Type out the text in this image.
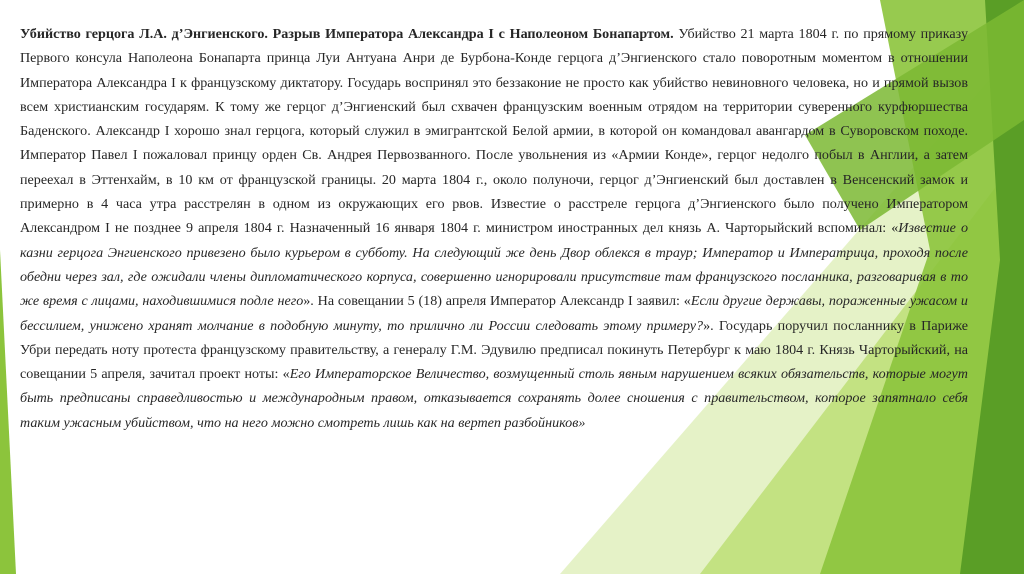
Убийство герцога Л.А. д’Энгиенского. Разрыв Императора Александра I с Наполеоном Бонапартом. Убийство 21 марта 1804 г. по прямому приказу Первого консула Наполеона Бонапарта принца Луи Антуана Анри де Бурбона-Конде герцога д’Энгиенского стало поворотным моментом в отношении Императора Александра I к французскому диктатору. Государь воспринял это беззаконие не просто как убийство невиновного человека, но и прямой вызов всем христианским государям. К тому же герцог д’Энгиенский был схвачен французским военным отрядом на территории суверенного курфюршества Баденского. Александр I хорошо знал герцога, который служил в эмигрантской Белой армии, в которой он командовал авангардом в Суворовском походе. Император Павел I пожаловал принцу орден Св. Андрея Первозванного. После увольнения из «Армии Конде», герцог недолго побыл в Англии, а затем переехал в Эттенхайм, в 10 км от французской границы. 20 марта 1804 г., около полуночи, герцог д’Энгиенский был доставлен в Венсенский замок и примерно в 4 часа утра расстрелян в одном из окружающих его рвов. Известие о расстреле герцога д’Энгиенского было получено Императором Александром I не позднее 9 апреля 1804 г. Назначенный 16 января 1804 г. министром иностранных дел князь А. Чарторыйский вспоминал: «Известие о казни герцога Энгиенского привезено было курьером в субботу. На следующий же день Двор облекся в траур; Император и Императрица, проходя после обедни через зал, где ожидали члены дипломатического корпуса, совершенно игнорировали присутствие там французского посланника, разговаривая в то же время с лицами, находившимися подле него». На совещании 5 (18) апреля Император Александр I заявил: «Если другие державы, пораженные ужасом и бессилием, унижено хранят молчание в подобную минуту, то прилично ли России следовать этому примеру?». Государь поручил посланнику в Париже Убри передать ноту протеста французскому правительству, а генералу Г.М. Эдувилю предписал покинуть Петербург к маю 1804 г. Князь Чарторыйский, на совещании 5 апреля, зачитал проект ноты: «Его Императорское Величество, возмущенный столь явным нарушением всяких обязательств, которые могут быть предписаны справедливостью и международным правом, отказывается сохранять долее сношения с правительством, которое запятнало себя таким ужасным убийством, что на него можно смотреть лишь как на вертеп разбойников»
